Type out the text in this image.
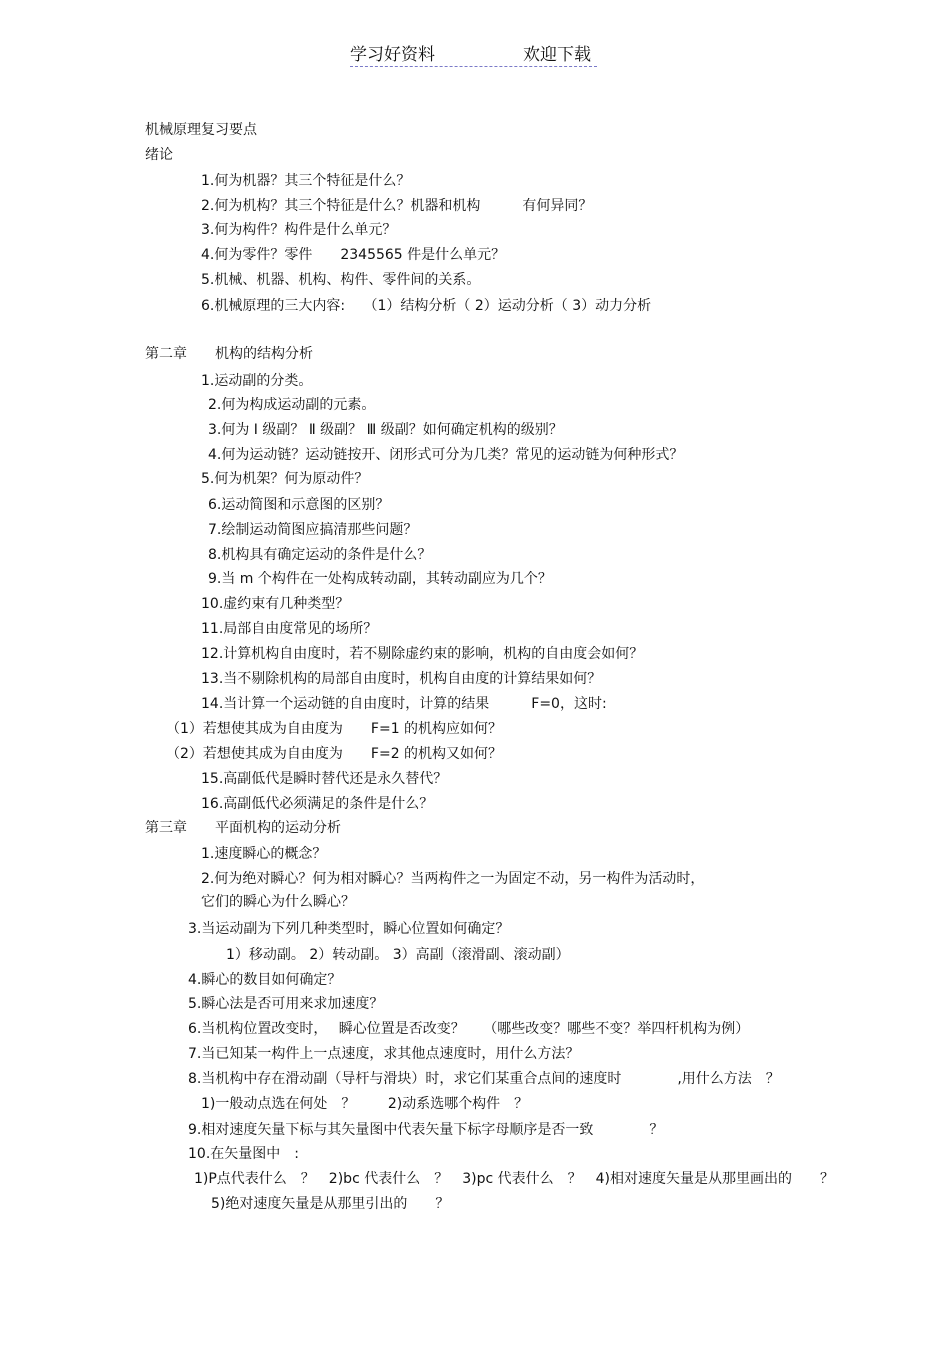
学习好资料	欢迎下载
机械原理复习要点
绪论
1.何为机器？其三个特征是什么？
2.何为机构？其三个特征是什么？机器和机构　　　有何异同？
3.何为构件？构件是什么单元？
4.何为零件？零件　　2345565 件是什么单元？
5.机械、机器、机构、构件、零件间的关系。
6.机械原理的三大内容:　 （1）结构分析（ 2）运动分析（ 3）动力分析
第二章　　机构的结构分析
1.运动副的分类。
2.何为构成运动副的元素。
3.何为 Ⅰ 级副？ Ⅱ 级副？ Ⅲ 级副？如何确定机构的级别？
4.何为运动链？运动链按开、闭形式可分为几类？常见的运动链为何种形式？
5.何为机架？何为原动件？
6.运动简图和示意图的区别？
7.绘制运动简图应搞清那些问题？
8.机构具有确定运动的条件是什么？
9.当 m 个构件在一处构成转动副，其转动副应为几个？
10.虚约束有几种类型？
11.局部自由度常见的场所？
12.计算机构自由度时，若不剔除虚约束的影响，机构的自由度会如何？
13.当不剔除机构的局部自由度时，机构自由度的计算结果如何？
14.当计算一个运动链的自由度时，计算的结果　　　F=0，这时:
（1）若想使其成为自由度为　　F=1 的机构应如何？
（2）若想使其成为自由度为　　F=2 的机构又如何？
15.高副低代是瞬时替代还是永久替代？
16.高副低代必须满足的条件是什么？
第三章　　平面机构的运动分析
1.速度瞬心的概念？
2.何为绝对瞬心？何为相对瞬心？当两构件之一为固定不动，另一构件为活动时，
它们的瞬心为什么瞬心？
3.当运动副为下列几种类型时，瞬心位置如何确定？
1）移动副。 2）转动副。 3）高副（滚滑副、滚动副）
4.瞬心的数目如何确定？
5.瞬心法是否可用来求加速度？
6.当机构位置改变时，　 瞬心位置是否改变？　 （哪些改变？哪些不变？举四杆机构为例）
7.当已知某一构件上一点速度，求其他点速度时，用什么方法？
8.当机构中存在滑动副（导杆与滑块）时，求它们某重合点间的速度时　　　　,用什么方法　？
1)一般动点选在何处　？　　 2)动系选哪个构件　？
9.相对速度矢量下标与其矢量图中代表矢量下标字母顺序是否一致　　　　？
10.在矢量图中　:
1)P点代表什么　？　2)bc 代表什么　？　3)pc 代表什么　？　4)相对速度矢量是从那里画出的　　？
5)绝对速度矢量是从那里引出的　　？
